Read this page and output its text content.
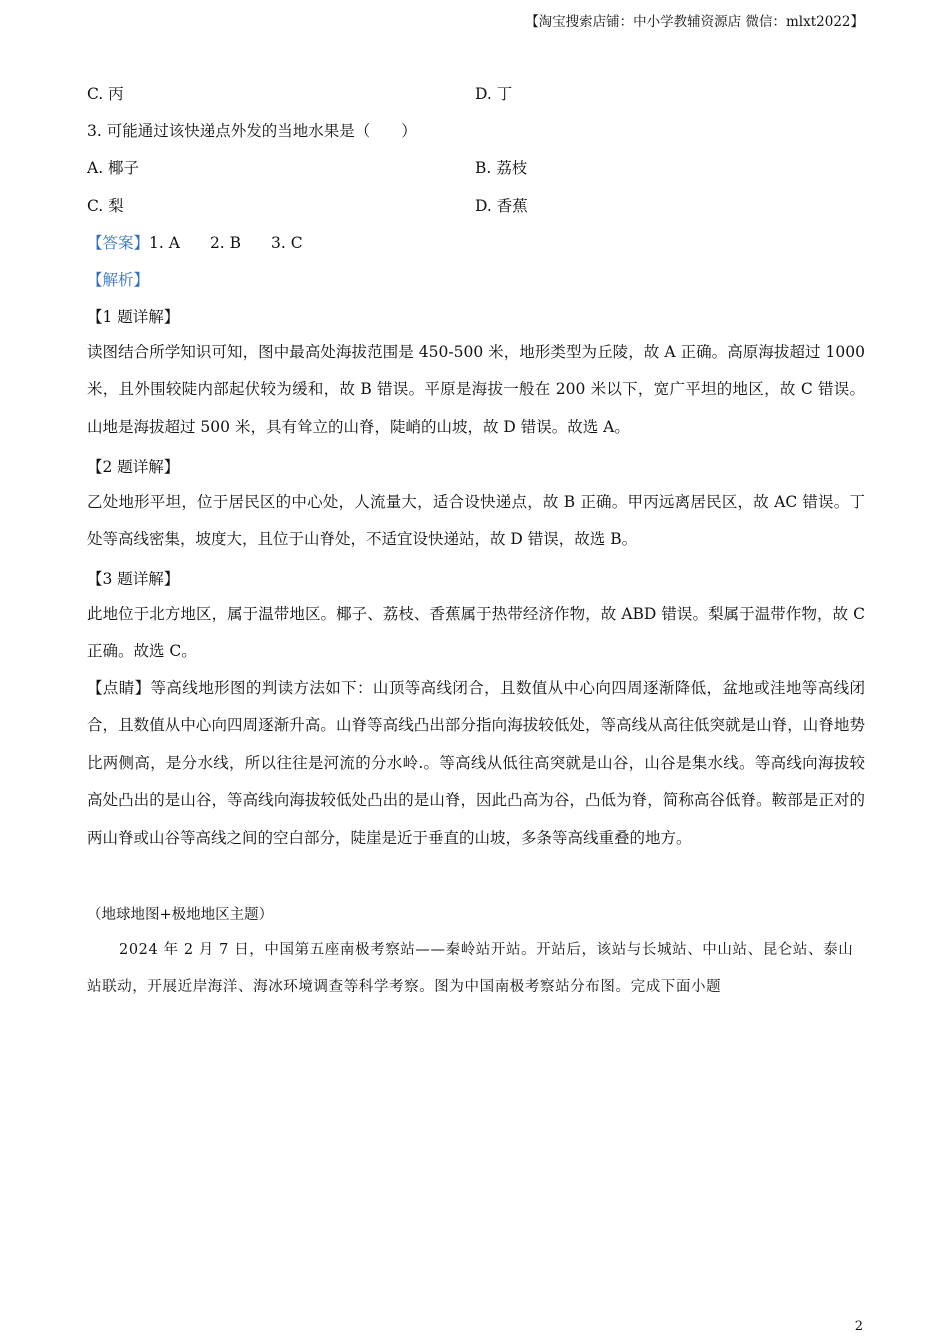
【淘宝搜索店铺：中小学教辅资源店 微信：mlxt2022】
C. 丙	D. 丁
3. 可能通过该快递点外发的当地水果是（　　）
A. 椰子	B. 荔枝
C. 梨	D. 香蕉
【答案】1. A 2. B 3. C
【解析】
【1 题详解】
读图结合所学知识可知，图中最高处海拔范围是 450-500 米，地形类型为丘陵，故 A 正确。高原海拔超过 1000 米，且外围较陡内部起伏较为缓和，故 B 错误。平原是海拔一般在 200 米以下，宽广平坦的地区，故 C 错误。山地是海拔超过 500 米，具有耸立的山脊，陡峭的山坡，故 D 错误。故选 A。
【2 题详解】
乙处地形平坦，位于居民区的中心处，人流量大，适合设快递点，故 B 正确。甲丙远离居民区，故 AC 错误。丁处等高线密集，坡度大，且位于山脊处，不适宜设快递站，故 D 错误，故选 B。
【3 题详解】
此地位于北方地区，属于温带地区。椰子、荔枝、香蕉属于热带经济作物，故 ABD 错误。梨属于温带作物，故 C 正确。故选 C。
【点睛】等高线地形图的判读方法如下：山顶等高线闭合，且数值从中心向四周逐渐降低，盆地或洼地等高线闭合，且数值从中心向四周逐渐升高。山脊等高线凸出部分指向海拔较低处，等高线从高往低突就是山脊，山脊地势比两侧高，是分水线，所以往往是河流的分水岭.。等高线从低往高突就是山谷，山谷是集水线。等高线向海拔较高处凸出的是山谷，等高线向海拔较低处凸出的是山脊，因此凸高为谷，凸低为脊，简称高谷低脊。鞍部是正对的两山脊或山谷等高线之间的空白部分，陡崖是近于垂直的山坡，多条等高线重叠的地方。
（地球地图+极地地区主题）
2024 年 2 月 7 日，中国第五座南极考察站——秦岭站开站。开站后，该站与长城站、中山站、昆仑站、泰山站联动，开展近岸海洋、海冰环境调查等科学考察。图为中国南极考察站分布图。完成下面小题
2
